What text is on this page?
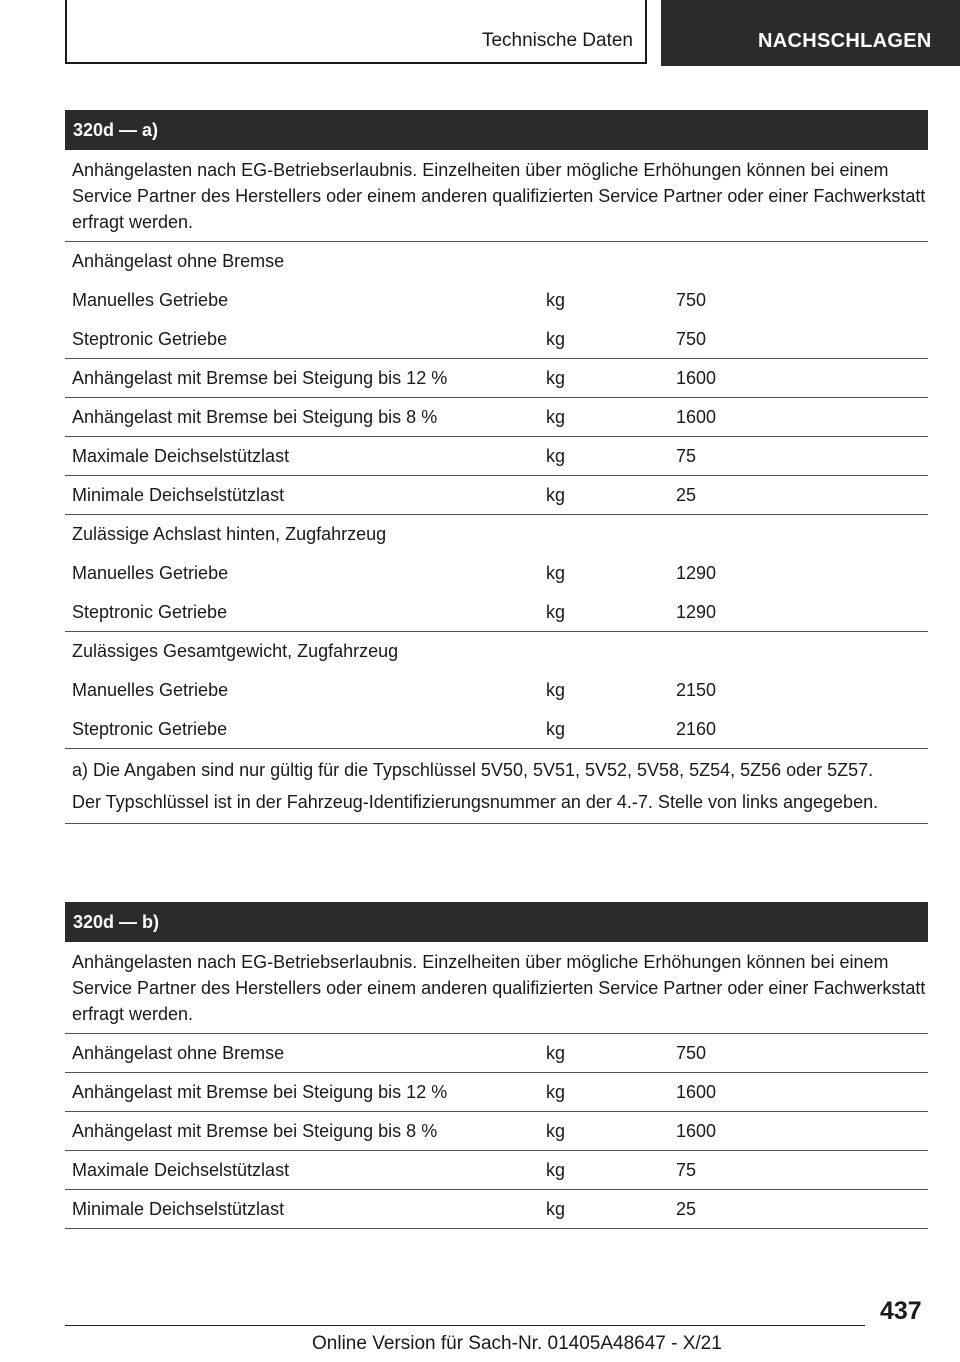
Technische Daten	NACHSCHLAGEN
320d — a)
Anhängelasten nach EG-Betriebserlaubnis. Einzelheiten über mögliche Erhöhungen können bei einem Service Partner des Herstellers oder einem anderen qualifizierten Service Partner oder einer Fachwerkstatt erfragt werden.
Anhängelast ohne Bremse
Manuelles Getriebe	kg	750
Steptronic Getriebe	kg	750
Anhängelast mit Bremse bei Steigung bis 12 %	kg	1600
Anhängelast mit Bremse bei Steigung bis 8 %	kg	1600
Maximale Deichselstützlast	kg	75
Minimale Deichselstützlast	kg	25
Zulässige Achslast hinten, Zugfahrzeug
Manuelles Getriebe	kg	1290
Steptronic Getriebe	kg	1290
Zulässiges Gesamtgewicht, Zugfahrzeug
Manuelles Getriebe	kg	2150
Steptronic Getriebe	kg	2160

a) Die Angaben sind nur gültig für die Typschlüssel 5V50, 5V51, 5V52, 5V58, 5Z54, 5Z56 oder 5Z57.

Der Typschlüssel ist in der Fahrzeug-Identifizierungsnummer an der 4.-7. Stelle von links angegeben.

320d — b)
Anhängelasten nach EG-Betriebserlaubnis. Einzelheiten über mögliche Erhöhungen können bei einem Service Partner des Herstellers oder einem anderen qualifizierten Service Partner oder einer Fachwerkstatt erfragt werden.
Anhängelast ohne Bremse	kg	750
Anhängelast mit Bremse bei Steigung bis 12 %	kg	1600
Anhängelast mit Bremse bei Steigung bis 8 %	kg	1600
Maximale Deichselstützlast	kg	75
Minimale Deichselstützlast	kg	25
437
Online Version für Sach-Nr. 01405A48647 - X/21
